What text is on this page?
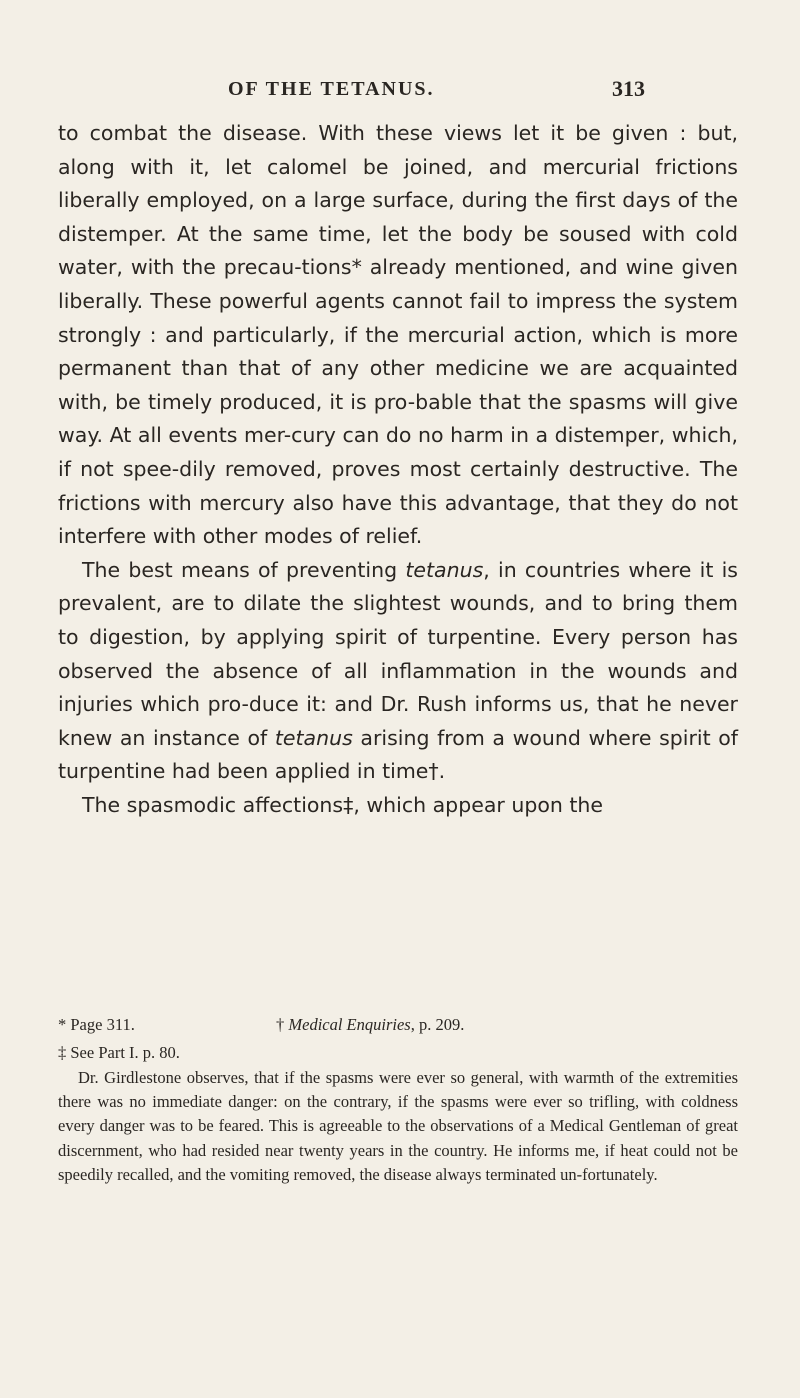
OF THE TETANUS.	313

to combat the disease. With these views let it be given : but, along with it, let calomel be joined, and mercurial frictions liberally employed, on a large surface, during the first days of the distemper. At the same time, let the body be soused with cold water, with the precau-tions* already mentioned, and wine given liberally. These powerful agents cannot fail to impress the system strongly : and particularly, if the mercurial action, which is more permanent than that of any other medicine we are acquainted with, be timely produced, it is pro-bable that the spasms will give way. At all events mer-cury can do no harm in a distemper, which, if not spee-dily removed, proves most certainly destructive. The frictions with mercury also have this advantage, that they do not interfere with other modes of relief.

The best means of preventing tetanus, in countries where it is prevalent, are to dilate the slightest wounds, and to bring them to digestion, by applying spirit of turpentine. Every person has observed the absence of all inflammation in the wounds and injuries which pro-duce it: and Dr. Rush informs us, that he never knew an instance of tetanus arising from a wound where spirit of turpentine had been applied in time†.

The spasmodic affections‡, which appear upon the

* Page 311.	† Medical Enquiries, p. 209.
‡ See Part I. p. 80.
Dr. Girdlestone observes, that if the spasms were ever so general, with warmth of the extremities there was no immediate danger: on the contrary, if the spasms were ever so trifling, with coldness every danger was to be feared. This is agreeable to the observations of a Medical Gentleman of great discernment, who had resided near twenty years in the country. He informs me, if heat could not be speedily recalled, and the vomiting removed, the disease always terminated un-fortunately.
